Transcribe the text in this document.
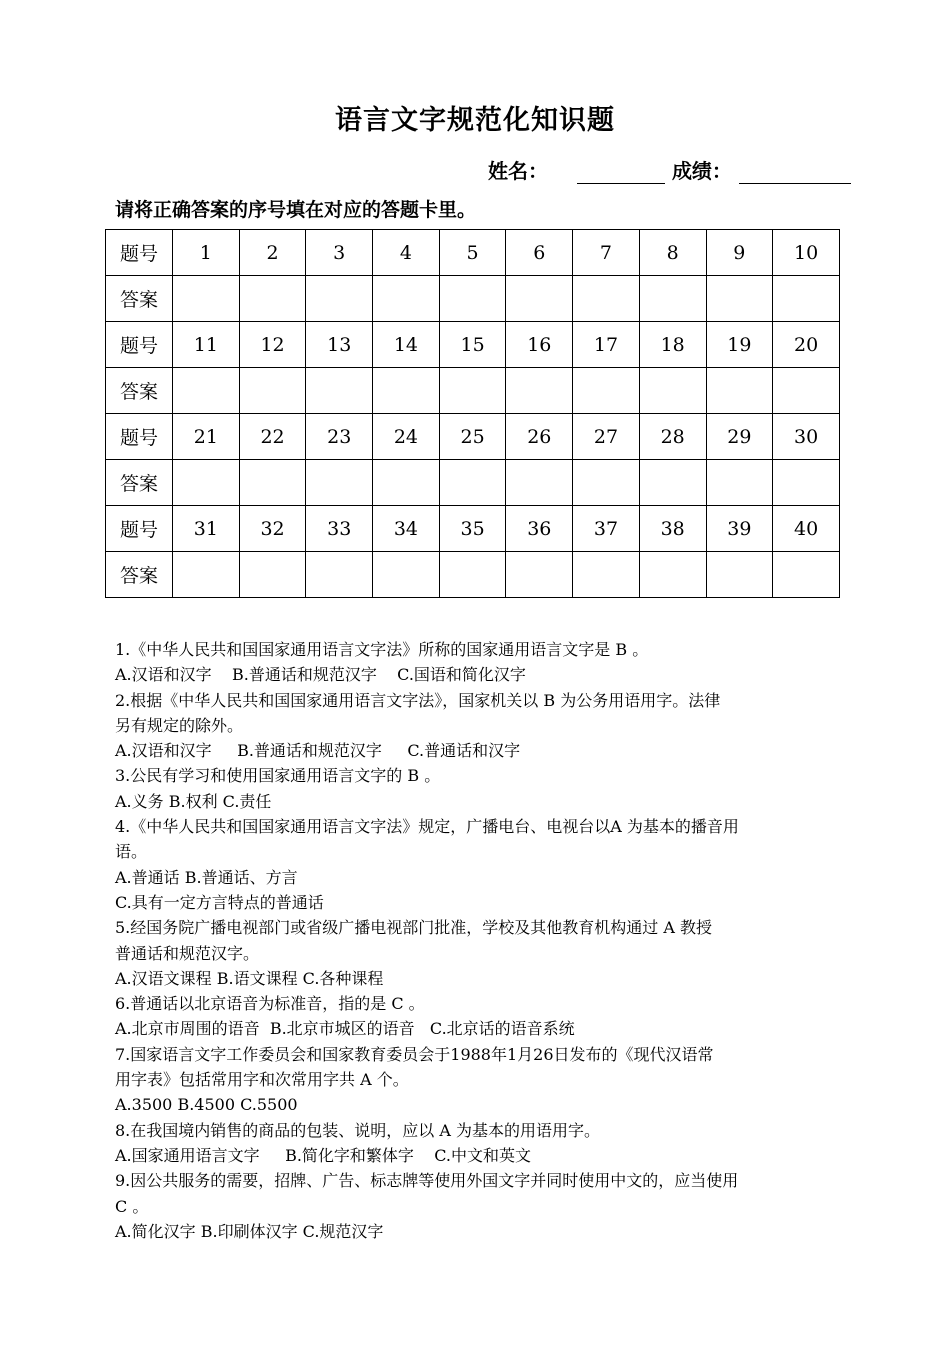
语言文字规范化知识题
姓名：	成绩：
请将正确答案的序号填在对应的答题卡里。
题号	1	2	3	4	5	6	7	8	9	10
答案										
题号	11	12	13	14	15	16	17	18	19	20
答案										
题号	21	22	23	24	25	26	27	28	29	30
答案										
题号	31	32	33	34	35	36	37	38	39	40
答案										
1.《中华人民共和国国家通用语言文字法》所称的国家通用语言文字是 B 。
A.汉语和汉字    B.普通话和规范汉字    C.国语和简化汉字
2.根据《中华人民共和国国家通用语言文字法》，国家机关以 B 为公务用语用字。法律
另有规定的除外。
A.汉语和汉字     B.普通话和规范汉字     C.普通话和汉字
3.公民有学习和使用国家通用语言文字的 B 。
A.义务 B.权利 C.责任
4.《中华人民共和国国家通用语言文字法》规定，广播电台、电视台以A 为基本的播音用
语。
A.普通话 B.普通话、方言
C.具有一定方言特点的普通话
5.经国务院广播电视部门或省级广播电视部门批准，学校及其他教育机构通过 A 教授
普通话和规范汉字。
A.汉语文课程 B.语文课程 C.各种课程
6.普通话以北京语音为标准音，指的是 C 。
A.北京市周围的语音  B.北京市城区的语音   C.北京话的语音系统
7.国家语言文字工作委员会和国家教育委员会于1988年1月26日发布的《现代汉语常
用字表》包括常用字和次常用字共 A 个。
A.3500 B.4500 C.5500
8.在我国境内销售的商品的包装、说明，应以 A 为基本的用语用字。
A.国家通用语言文字     B.简化字和繁体字    C.中文和英文
9.因公共服务的需要，招牌、广告、标志牌等使用外国文字并同时使用中文的，应当使用
C 。
A.简化汉字 B.印刷体汉字 C.规范汉字
